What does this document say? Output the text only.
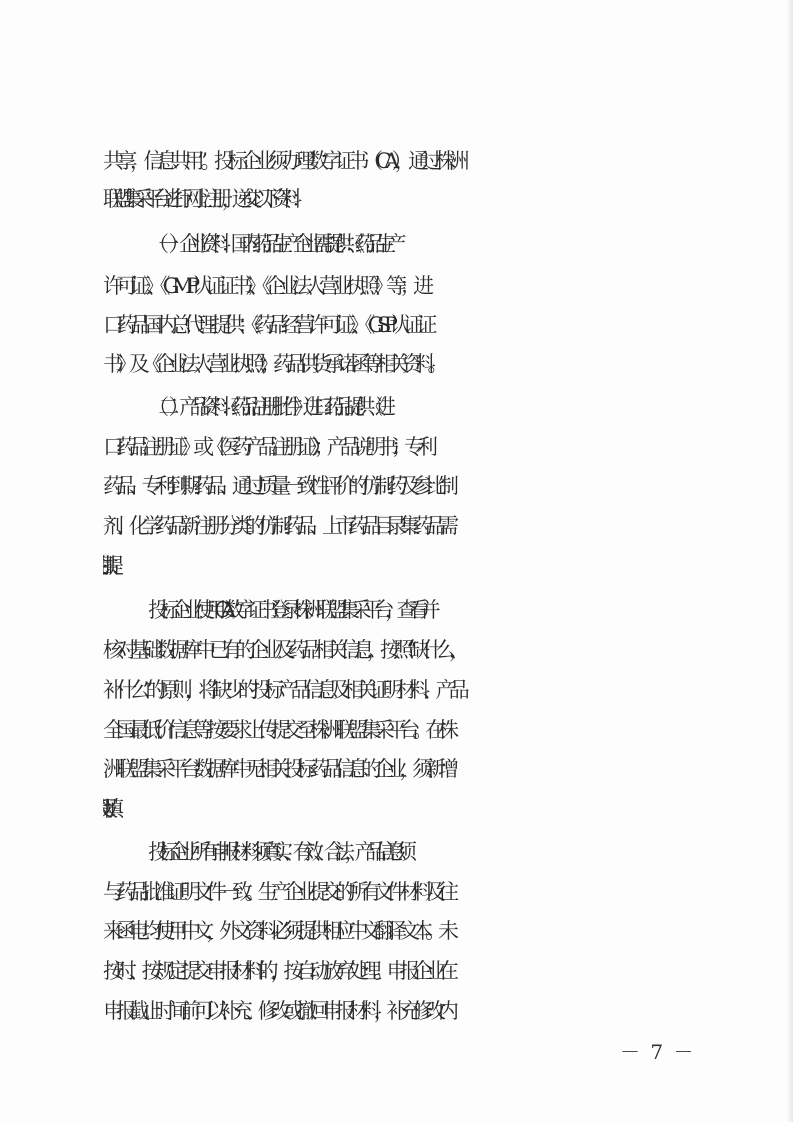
共享，信息共用”。投标企业须办理数字证书（CA），通过株洲
联盟集采平台进行网上注册，递交以下资料：
（一）企业资料：国内药品生产企业需提供：《药品生产
许可证》、《GMP 认证证书》、《企业法人营业执照》等；进
口药品国内总代理提供：《药品经营许可证》、《GSP 认证证
书》及《企业法人营业执照》；药品供货承诺函等相关资料。
（二）产品资料：《药品注册批件》（进口药品提供《进
口药品注册证》或《医药产品注册证》）；产品说明书；专利
药品、专利到期药品、通过质量一致性评价的仿制药及参比制
剂、化学药品新注册分类的仿制药品、上市药品目录集药品需
投标企业使用 CA 数字证书登录株洲联盟集采平台，查看并
核对基础数据库中已有的企业及药品相关信息，按照“缺什么，
补什么”的原则，将缺少的投标产品信息及相关证明材料、产品
全国最低价信息等按要求上传提交至株洲联盟集采平台。在株
洲联盟集采平台数据库中无相关投标药品信息的企业，须新增
投标企业所有申报材料须真实、有效、合法，产品信息须
与药品批准证明文件一致。生产企业提交的所有文件材料及往
来函电均使用中文，外文资料必须提供相应中文翻译文本。未
按时、按规定提交申报材料的，按自动放弃处理。申报企业在
申报截止时间前可以补充、修改或撤回申报材料，补充修改内
－ 7 －
